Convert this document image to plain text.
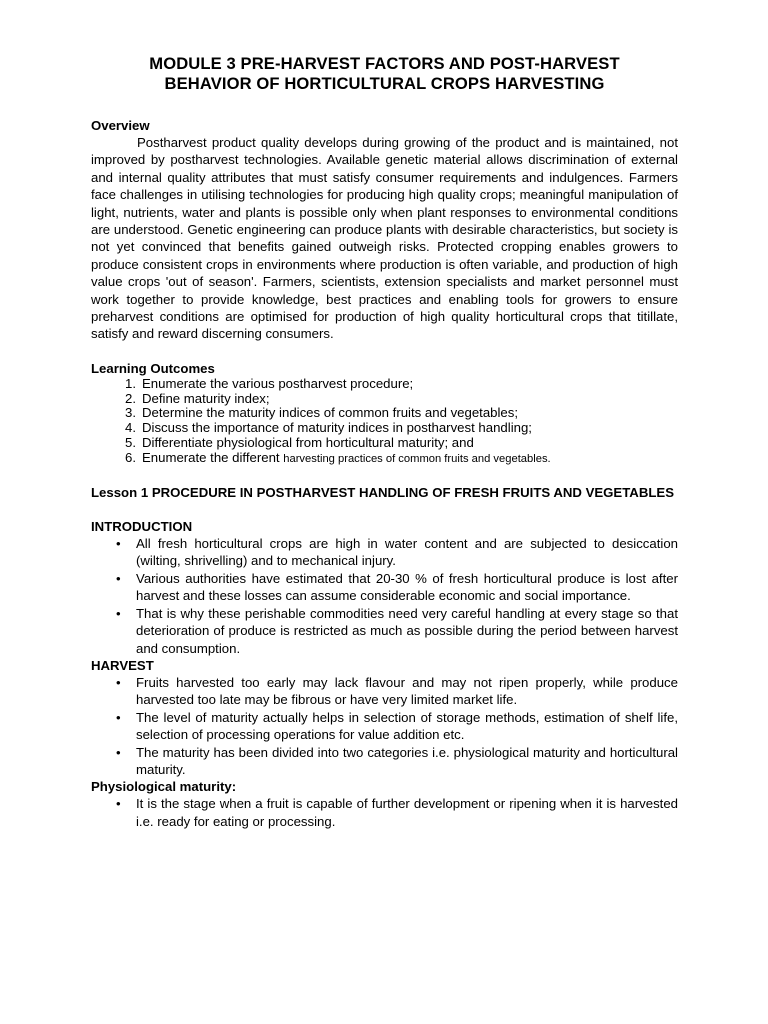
MODULE 3 PRE-HARVEST FACTORS AND POST-HARVEST
BEHAVIOR OF HORTICULTURAL CROPS HARVESTING

Overview

Postharvest product quality develops during growing of the product and is maintained, not improved by postharvest technologies. Available genetic material allows discrimination of external and internal quality attributes that must satisfy consumer requirements and indulgences. Farmers face challenges in utilising technologies for producing high quality crops; meaningful manipulation of light, nutrients, water and plants is possible only when plant responses to environmental conditions are understood. Genetic engineering can produce plants with desirable characteristics, but society is not yet convinced that benefits gained outweigh risks. Protected cropping enables growers to produce consistent crops in environments where production is often variable, and production of high value crops 'out of season'. Farmers, scientists, extension specialists and market personnel must work together to provide knowledge, best practices and enabling tools for growers to ensure preharvest conditions are optimised for production of high quality horticultural crops that titillate, satisfy and reward discerning consumers.

Learning Outcomes

1. Enumerate the various postharvest procedure;
2. Define maturity index;
3. Determine the maturity indices of common fruits and vegetables;
4. Discuss the importance of maturity indices in postharvest handling;
5. Differentiate physiological from horticultural maturity; and
6. Enumerate the different harvesting practices of common fruits and vegetables.

Lesson 1 PROCEDURE IN POSTHARVEST HANDLING OF FRESH FRUITS AND VEGETABLES

INTRODUCTION

•	All fresh horticultural crops are high in water content and are subjected to desiccation (wilting, shrivelling) and to mechanical injury.
•	Various authorities have estimated that 20-30 % of fresh horticultural produce is lost after harvest and these losses can assume considerable economic and social importance.
•	That is why these perishable commodities need very careful handling at every stage so that deterioration of produce is restricted as much as possible during the period between harvest and consumption.

HARVEST

•	Fruits harvested too early may lack flavour and may not ripen properly, while produce harvested too late may be fibrous or have very limited market life.
•	The level of maturity actually helps in selection of storage methods, estimation of shelf life, selection of processing operations for value addition etc.
•	The maturity has been divided into two categories i.e. physiological maturity and horticultural maturity.

Physiological maturity:

•	It is the stage when a fruit is capable of further development or ripening when it is harvested i.e. ready for eating or processing.
